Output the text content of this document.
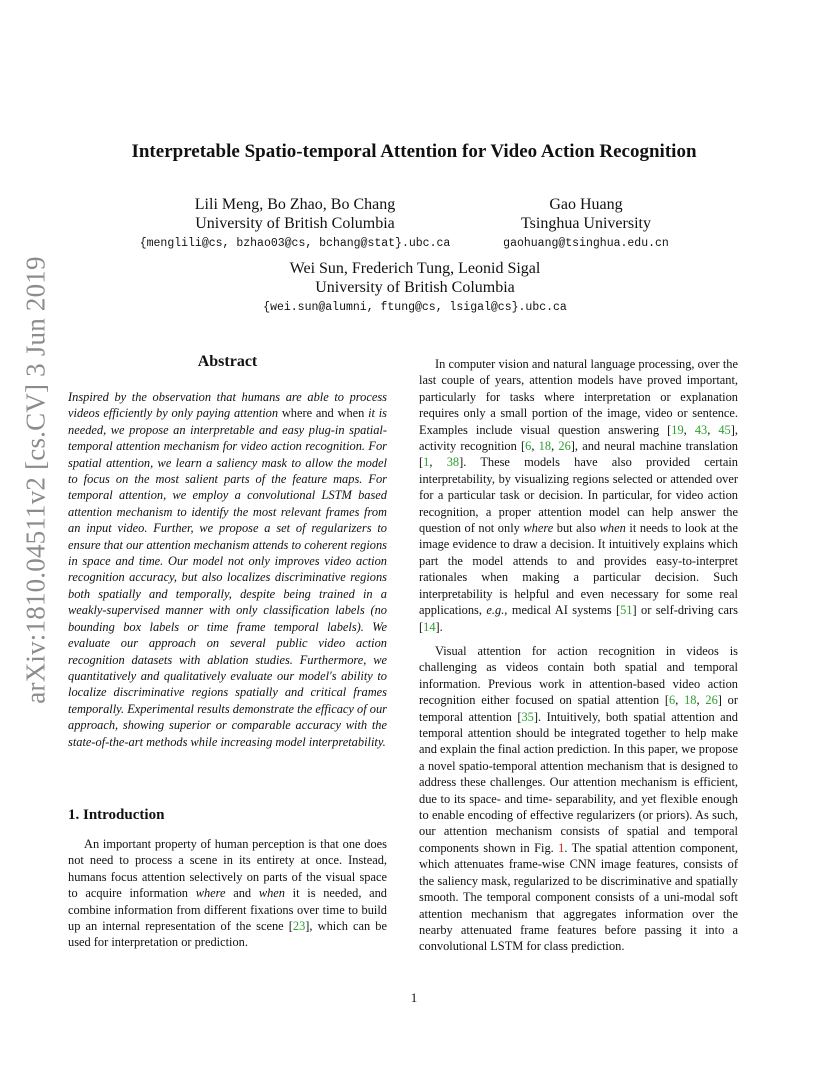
arXiv:1810.04511v2 [cs.CV] 3 Jun 2019
Interpretable Spatio-temporal Attention for Video Action Recognition
Lili Meng, Bo Zhao, Bo Chang
University of British Columbia
{menglili@cs, bzhao03@cs, bchang@stat}.ubc.ca
Gao Huang
Tsinghua University
gaohuang@tsinghua.edu.cn
Wei Sun, Frederich Tung, Leonid Sigal
University of British Columbia
{wei.sun@alumni, ftung@cs, lsigal@cs}.ubc.ca
Abstract

Inspired by the observation that humans are able to process videos efficiently by only paying attention where and when it is needed, we propose an interpretable and easy plug-in spatial-temporal attention mechanism for video action recognition. For spatial attention, we learn a saliency mask to allow the model to focus on the most salient parts of the feature maps. For temporal attention, we employ a convolutional LSTM based attention mechanism to identify the most relevant frames from an input video. Further, we propose a set of regularizers to ensure that our attention mechanism attends to coherent regions in space and time. Our model not only improves video action recognition accuracy, but also localizes discriminative regions both spatially and temporally, despite being trained in a weakly-supervised manner with only classification labels (no bounding box labels or time frame temporal labels). We evaluate our approach on several public video action recognition datasets with ablation studies. Furthermore, we quantitatively and qualitatively evaluate our model's ability to localize discriminative regions spatially and critical frames temporally. Experimental results demonstrate the efficacy of our approach, showing superior or comparable accuracy with the state-of-the-art methods while increasing model interpretability.

1. Introduction

An important property of human perception is that one does not need to process a scene in its entirety at once. Instead, humans focus attention selectively on parts of the visual space to acquire information where and when it is needed, and combine information from different fixations over time to build up an internal representation of the scene [23], which can be used for interpretation or prediction.

In computer vision and natural language processing, over the last couple of years, attention models have proved important, particularly for tasks where interpretation or explanation requires only a small portion of the image, video or sentence. Examples include visual question answering [19, 43, 45], activity recognition [6, 18, 26], and neural machine translation [1, 38]. These models have also provided certain interpretability, by visualizing regions selected or attended over for a particular task or decision. In particular, for video action recognition, a proper attention model can help answer the question of not only where but also when it needs to look at the image evidence to draw a decision. It intuitively explains which part the model attends to and provides easy-to-interpret rationales when making a particular decision. Such interpretability is helpful and even necessary for some real applications, e.g., medical AI systems [51] or self-driving cars [14].

Visual attention for action recognition in videos is challenging as videos contain both spatial and temporal information. Previous work in attention-based video action recognition either focused on spatial attention [6, 18, 26] or temporal attention [35]. Intuitively, both spatial attention and temporal attention should be integrated together to help make and explain the final action prediction. In this paper, we propose a novel spatio-temporal attention mechanism that is designed to address these challenges. Our attention mechanism is efficient, due to its space- and time- separability, and yet flexible enough to enable encoding of effective regularizers (or priors). As such, our attention mechanism consists of spatial and temporal components shown in Fig. 1. The spatial attention component, which attenuates frame-wise CNN image features, consists of the saliency mask, regularized to be discriminative and spatially smooth. The temporal component consists of a uni-modal soft attention mechanism that aggregates information over the nearby attenuated frame features before passing it into a convolutional LSTM for class prediction.

1
